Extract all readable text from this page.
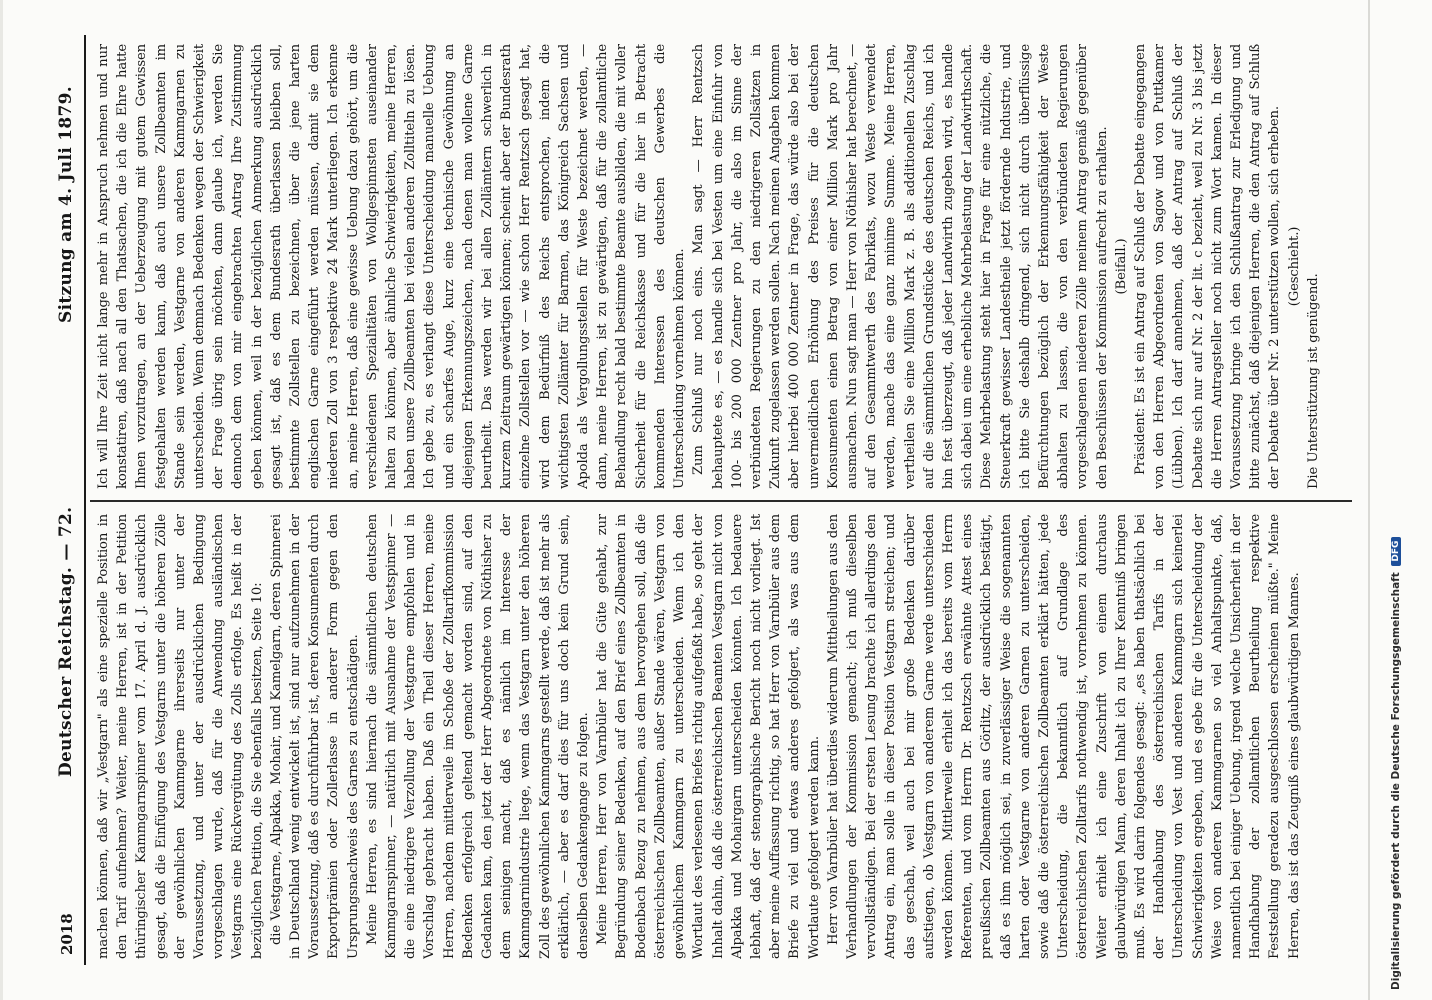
2018
Deutscher Reichstag. — 72.
Sitzung am 4. Juli 1879.

machen können, daß wir „Vestgarn" als eine spezielle Position in den Tarif aufnehmen? Weiter, meine Herren, ist in der Petition thüringischer Kammgarnspinner vom 17. April d. J. ausdrücklich gesagt, daß die Einfügung des Vestgarns unter die höheren Zölle der gewöhnlichen Kammgarne ihrerseits nur unter der Voraussetzung, und unter der ausdrücklichen Bedingung vorgeschlagen wurde, daß für die Anwendung ausländischen Vestgarns eine Rückvergütung des Zolls erfolge. Es heißt in der bezüglichen Petition, die Sie ebenfalls besitzen, Seite 10: die Vestgarne, Alpakka, Mohair, und Kamelgarn, deren Spinnerei in Deutschland wenig entwickelt ist, sind nur aufzunehmen in der Voraussetzung, daß es durchführbar ist, deren Konsumenten durch Exportprämien oder Zollerlasse in anderer Form gegen den Ursprungsnachweis des Garnes zu entschädigen. Meine Herren, es sind hiernach die sämmtlichen deutschen Kammgarnspinner, — natürlich mit Ausnahme der Vestspinner — die eine niedrigere Verzollung der Vestgarne empfohlen und in Vorschlag gebracht haben. Daß ein Theil dieser Herren, meine Herren, nachdem mittlerweile im Schoße der Zolltarifkommission Bedenken erfolgreich geltend gemacht worden sind, auf den Gedanken kam, den jetzt der Herr Abgeordnete von Nöthisher zu dem seinigen macht, daß es nämlich im Interesse der Kammgarnindustrie liege, wenn das Vestgarn unter den höheren Zoll des gewöhnlichen Kammgarns gestellt werde, daß ist mehr als erklärlich, — aber es darf dies für uns doch kein Grund sein, denselben Gedankengange zu folgen. Meine Herren, Herr von Varnbüler hat die Güte gehabt, zur Begründung seiner Bedenken, auf den Brief eines Zollbeamten in Bodenbach Bezug zu nehmen, aus dem hervorgehen soll, daß die österreichischen Zollbeamten, außer Stande wären, Vestgarn von gewöhnlichem Kammgarn zu unterscheiden. Wenn ich den Wortlaut des verlesenen Briefes richtig aufgefaßt habe, so geht der Inhalt dahin, daß die österreichischen Beamten Vestgarn nicht von Alpakka und Mohairgarn unterscheiden könnten. Ich bedauere lebhaft, daß der stenographische Bericht noch nicht vorliegt. Ist aber meine Auffassung richtig, so hat Herr von Varnbüler aus dem Briefe zu viel und etwas anderes gefolgert, als was aus dem Wortlaute gefolgert werden kann. Herr von Varnbüler hat überdies widerum Mittheilungen aus den Verhandlungen der Kommission gemacht; ich muß dieselben vervollständigen. Bei der ersten Lesung brachte ich allerdings den Antrag ein, man solle in dieser Position Vestgarn streichen; und das geschah, weil auch bei mir große Bedenken darüber aufstiegen, ob Vestgarn von anderem Garne werde unterschieden werden können. Mittlerweile erhielt ich das bereits vom Herrn Referenten, und vom Herrn Dr. Rentzsch erwähnte Attest eines preußischen Zollbeamten aus Görlitz, der ausdrücklich bestätigt, daß es ihm möglich sei, in zuverlässiger Weise die sogenannten harten oder Vestgarne von anderen Garnen zu unterscheiden, sowie daß die österreichischen Zollbeamten erklärt hätten, jede Unterscheidung, die bekanntlich auf Grundlage des österreichischen Zolltarifs nothwendig ist, vornehmen zu können. Weiter erhielt ich eine Zuschrift von einem durchaus glaubwürdigen Mann, deren Inhalt ich zu Ihrer Kenntniß bringen muß. Es wird darin folgendes gesagt: „es haben thatsächlich bei der Handhabung des österreichischen Tarifs in der Unterscheidung von Vest und anderen Kammgarn sich keinerlei Schwierigkeiten ergeben, und es gebe für die Unterscheidung der Weise von anderen Kammgarnen so viel Anhaltspunkte, daß, namentlich bei einiger Uebung, irgend welche Unsicherheit in der Handhabung der zollamtlichen Beurtheilung respektive Feststellung geradezu ausgeschlossen erscheinen müßte." Meine Herren, das ist das Zeugniß eines glaubwürdigen Mannes.

Ich will Ihre Zeit nicht lange mehr in Anspruch nehmen und nur konstatiren, daß nach all den Thatsachen, die ich die Ehre hatte Ihnen vorzutragen, an der Ueberzeugung mit gutem Gewissen festgehalten werden kann, daß auch unsere Zollbeamten im Stande sein werden, Vestgarne von anderen Kammgarnen zu unterscheiden. Wenn demnach Bedenken wegen der Schwierigkeit der Frage übrig sein möchten, dann glaube ich, werden Sie dennoch dem von mir eingebrachten Antrag Ihre Zustimmung geben können, weil in der bezüglichen Anmerkung ausdrücklich gesagt ist, daß es dem Bundesrath überlassen bleiben soll, bestimmte Zollstellen zu bezeichnen, über die jene harten englischen Garne eingeführt werden müssen, damit sie dem niederen Zoll von 3 respektive 24 Mark unterliegen. Ich erkenne an, meine Herren, daß eine gewisse Uebung dazu gehört, um die verschiedenen Spezialitäten von Wollgespinnsten auseinander halten zu können, aber ähnliche Schwierigkeiten, meine Herren, haben unsere Zollbeamten bei vielen anderen Zolltiteln zu lösen. Ich gebe zu, es verlangt diese Unterscheidung manuelle Uebung und ein scharfes Auge, kurz eine technische Gewöhnung an diejenigen Erkennungszeichen, nach denen man wollene Garne beurtheilt. Das werden wir bei allen Zollämtern schwerlich in kurzem Zeitraum gewärtigen können; scheint aber der Bundesrath einzelne Zollstellen vor — wie schon Herr Rentzsch gesagt hat, wird dem Bedürfniß des Reichs entsprochen, indem die wichtigsten Zollämter für Barmen, das Königreich Sachsen und Apolda als Vergollungsstellen für Weste bezeichnet werden, — dann, meine Herren, ist zu gewärtigen, daß für die zollamtliche Behandlung recht bald bestimmte Beamte ausbilden, die mit voller Sicherheit für die Reichskasse und für die hier in Betracht kommenden Interessen des deutschen Gewerbes die Unterscheidung vornehmen können. Zum Schluß nur noch eins. Man sagt — Herr Rentzsch behauptete es, — es handle sich bei Vesten um eine Einfuhr von 100- bis 200 000 Zentner pro Jahr, die also im Sinne der verbündeten Regierungen zu den niedrigeren Zollsätzen in Zukunft zugelassen werden sollen. Nach meinen Angaben kommen aber hierbei 400 000 Zentner in Frage, das würde also bei der unvermeidlichen Erhöhung des Preises für die deutschen Konsumenten einen Betrag von einer Million Mark pro Jahr ausmachen. Nun sagt man — Herr von Nöthisher hat berechnet, — auf den Gesammtwerth des Fabrikats, wozu Weste verwendet werden, mache das eine ganz minime Summe. Meine Herren, vertheilen Sie eine Million Mark z. B. als additionellen Zuschlag auf die sämmtlichen Grundstücke des deutschen Reichs, und ich bin fest überzeugt, daß jeder Landwirth zugeben wird, es handle sich dabei um eine erhebliche Mehrbelastung der Landwirthschaft. Diese Mehrbelastung steht hier in Frage für eine nützliche, die Steuerkraft gewisser Landestheile jetzt fördernde Industrie, und ich bitte Sie deshalb dringend, sich nicht durch überflüssige Befürchtungen bezüglich der Erkennungsfähigkeit der Weste abhalten zu lassen, die von den verbündeten Regierungen vorgeschlagenen niederen Zölle meinem Antrag gemäß gegenüber den Beschlüssen der Kommission aufrecht zu erhalten. (Beifall.) Präsident: Es ist ein Antrag auf Schluß der Debatte eingegangen von den Herren Abgeordneten von Sagow und von Puttkamer (Lübben). Ich darf annehmen, daß der Antrag auf Schluß der Debatte sich nur auf Nr. 2 der lit. c bezieht, weil zu Nr. 3 bis jetzt die Herren Antragsteller noch nicht zum Wort kamen. In dieser Voraussetzung bringe ich den Schlußantrag zur Erledigung und bitte zunächst, daß diejenigen Herren, die den Antrag auf Schluß der Debatte über Nr. 2 unterstützen wollen, sich erheben. (Geschieht.)

Die Unterstützung ist genügend.

Digitalisierung gefördert durch die Deutsche Forschungsgemeinschaft DFG
